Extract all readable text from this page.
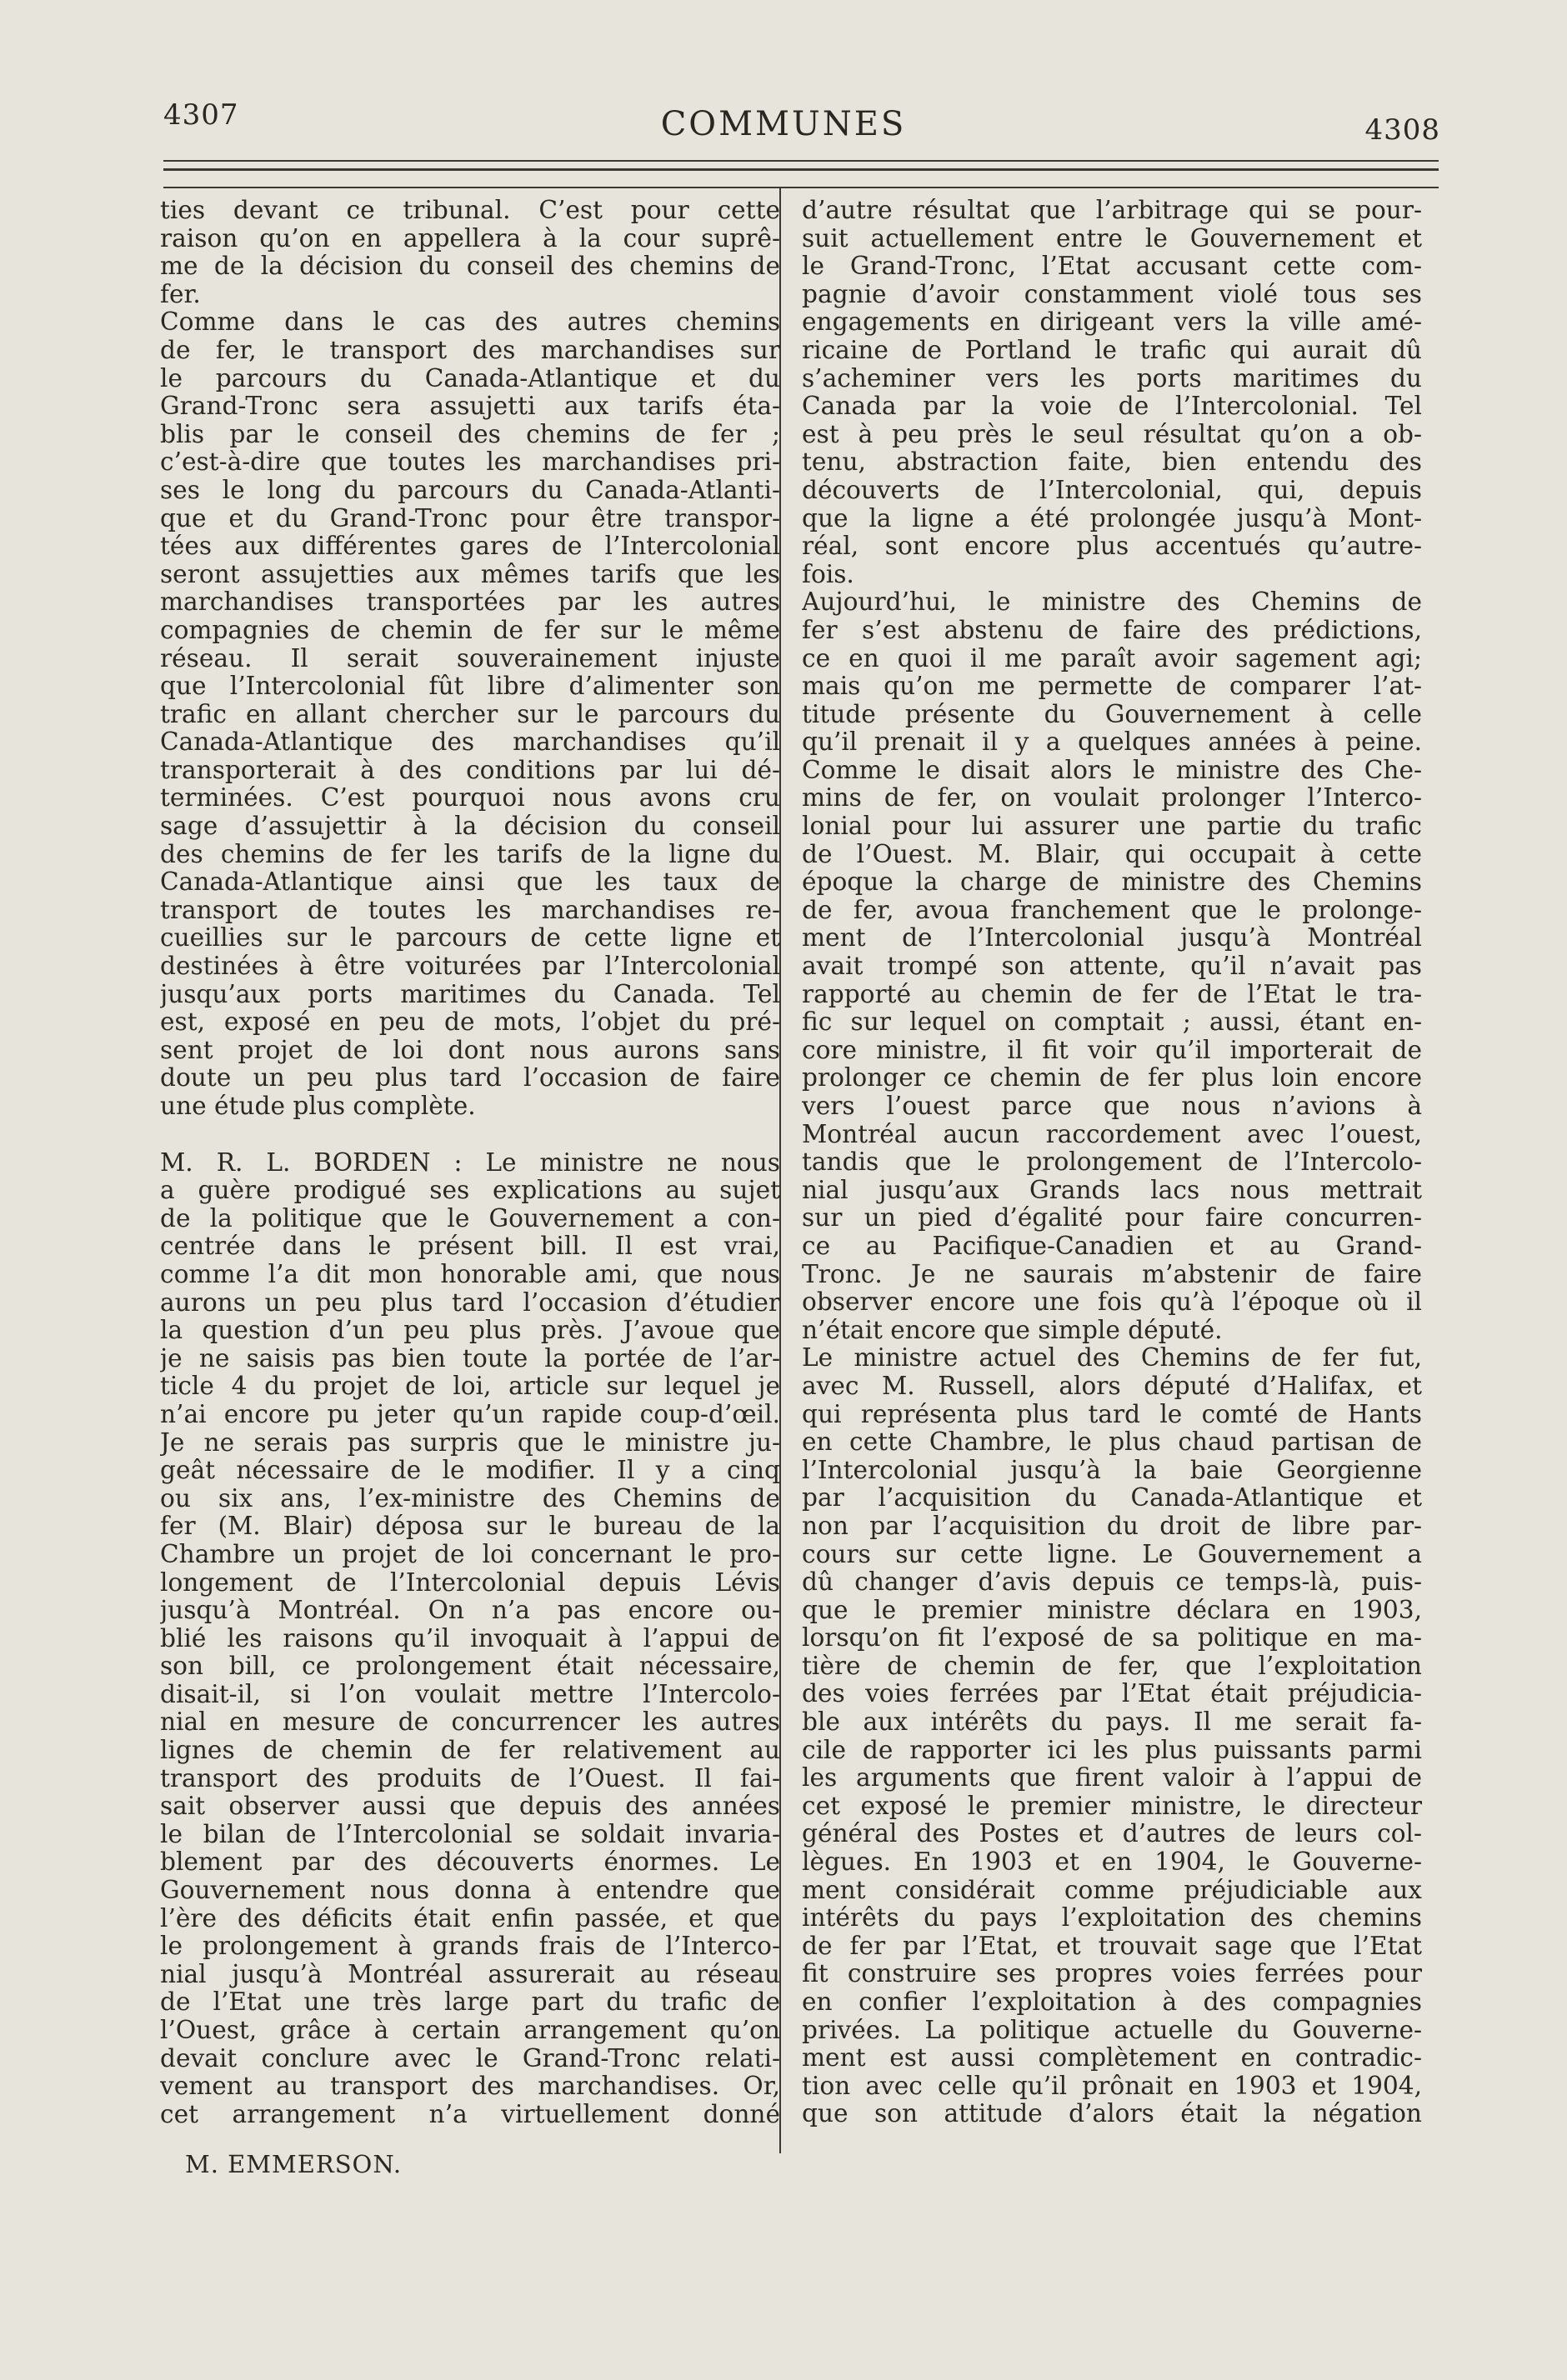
4307	COMMUNES	4308
ties devant ce tribunal. C’est pour cette
raison qu’on en appellera à la cour suprê-
me de la décision du conseil des chemins de
fer.
Comme dans le cas des autres chemins
de fer, le transport des marchandises sur
le parcours du Canada-Atlantique et du
Grand-Tronc sera assujetti aux tarifs éta-
blis par le conseil des chemins de fer ;
c’est-à-dire que toutes les marchandises pri-
ses le long du parcours du Canada-Atlanti-
que et du Grand-Tronc pour être transpor-
tées aux différentes gares de l’Intercolonial
seront assujetties aux mêmes tarifs que les
marchandises transportées par les autres
compagnies de chemin de fer sur le même
réseau. Il serait souverainement injuste
que l’Intercolonial fût libre d’alimenter son
trafic en allant chercher sur le parcours du
Canada-Atlantique des marchandises qu’il
transporterait à des conditions par lui dé-
terminées. C’est pourquoi nous avons cru
sage d’assujettir à la décision du conseil
des chemins de fer les tarifs de la ligne du
Canada-Atlantique ainsi que les taux de
transport de toutes les marchandises re-
cueillies sur le parcours de cette ligne et
destinées à être voiturées par l’Intercolonial
jusqu’aux ports maritimes du Canada. Tel
est, exposé en peu de mots, l’objet du pré-
sent projet de loi dont nous aurons sans
doute un peu plus tard l’occasion de faire
une étude plus complète.
M. R. L. BORDEN : Le ministre ne nous
a guère prodigué ses explications au sujet
de la politique que le Gouvernement a con-
centrée dans le présent bill. Il est vrai,
comme l’a dit mon honorable ami, que nous
aurons un peu plus tard l’occasion d’étudier
la question d’un peu plus près. J’avoue que
je ne saisis pas bien toute la portée de l’ar-
ticle 4 du projet de loi, article sur lequel je
n’ai encore pu jeter qu’un rapide coup-d’œil.
Je ne serais pas surpris que le ministre ju-
geât nécessaire de le modifier. Il y a cinq
ou six ans, l’ex-ministre des Chemins de
fer (M. Blair) déposa sur le bureau de la
Chambre un projet de loi concernant le pro-
longement de l’Intercolonial depuis Lévis
jusqu’à Montréal. On n’a pas encore ou-
blié les raisons qu’il invoquait à l’appui de
son bill, ce prolongement était nécessaire,
disait-il, si l’on voulait mettre l’Intercolo-
nial en mesure de concurrencer les autres
lignes de chemin de fer relativement au
transport des produits de l’Ouest. Il fai-
sait observer aussi que depuis des années
le bilan de l’Intercolonial se soldait invaria-
blement par des découverts énormes. Le
Gouvernement nous donna à entendre que
l’ère des déficits était enfin passée, et que
le prolongement à grands frais de l’Interco-
nial jusqu’à Montréal assurerait au réseau
de l’Etat une très large part du trafic de
l’Ouest, grâce à certain arrangement qu’on
devait conclure avec le Grand-Tronc relati-
vement au transport des marchandises. Or,
cet arrangement n’a virtuellement donné
d’autre résultat que l’arbitrage qui se pour-
suit actuellement entre le Gouvernement et
le Grand-Tronc, l’Etat accusant cette com-
pagnie d’avoir constamment violé tous ses
engagements en dirigeant vers la ville amé-
ricaine de Portland le trafic qui aurait dû
s’acheminer vers les ports maritimes du
Canada par la voie de l’Intercolonial. Tel
est à peu près le seul résultat qu’on a ob-
tenu, abstraction faite, bien entendu des
découverts de l’Intercolonial, qui, depuis
que la ligne a été prolongée jusqu’à Mont-
réal, sont encore plus accentués qu’autre-
fois.
Aujourd’hui, le ministre des Chemins de
fer s’est abstenu de faire des prédictions,
ce en quoi il me paraît avoir sagement agi;
mais qu’on me permette de comparer l’at-
titude présente du Gouvernement à celle
qu’il prenait il y a quelques années à peine.
Comme le disait alors le ministre des Che-
mins de fer, on voulait prolonger l’Interco-
lonial pour lui assurer une partie du trafic
de l’Ouest. M. Blair, qui occupait à cette
époque la charge de ministre des Chemins
de fer, avoua franchement que le prolonge-
ment de l’Intercolonial jusqu’à Montréal
avait trompé son attente, qu’il n’avait pas
rapporté au chemin de fer de l’Etat le tra-
fic sur lequel on comptait ; aussi, étant en-
core ministre, il fit voir qu’il importerait de
prolonger ce chemin de fer plus loin encore
vers l’ouest parce que nous n’avions à
Montréal aucun raccordement avec l’ouest,
tandis que le prolongement de l’Intercolo-
nial jusqu’aux Grands lacs nous mettrait
sur un pied d’égalité pour faire concurren-
ce au Pacifique-Canadien et au Grand-
Tronc. Je ne saurais m’abstenir de faire
observer encore une fois qu’à l’époque où il
n’était encore que simple député.
Le ministre actuel des Chemins de fer fut,
avec M. Russell, alors député d’Halifax, et
qui représenta plus tard le comté de Hants
en cette Chambre, le plus chaud partisan de
l’Intercolonial jusqu’à la baie Georgienne
par l’acquisition du Canada-Atlantique et
non par l’acquisition du droit de libre par-
cours sur cette ligne. Le Gouvernement a
dû changer d’avis depuis ce temps-là, puis-
que le premier ministre déclara en 1903,
lorsqu’on fit l’exposé de sa politique en ma-
tière de chemin de fer, que l’exploitation
des voies ferrées par l’Etat était préjudicia-
ble aux intérêts du pays. Il me serait fa-
cile de rapporter ici les plus puissants parmi
les arguments que firent valoir à l’appui de
cet exposé le premier ministre, le directeur
général des Postes et d’autres de leurs col-
lègues. En 1903 et en 1904, le Gouverne-
ment considérait comme préjudiciable aux
intérêts du pays l’exploitation des chemins
de fer par l’Etat, et trouvait sage que l’Etat
fit construire ses propres voies ferrées pour
en confier l’exploitation à des compagnies
privées. La politique actuelle du Gouverne-
ment est aussi complètement en contradic-
tion avec celle qu’il prônait en 1903 et 1904,
que son attitude d’alors était la négation
M. EMMERSON.
